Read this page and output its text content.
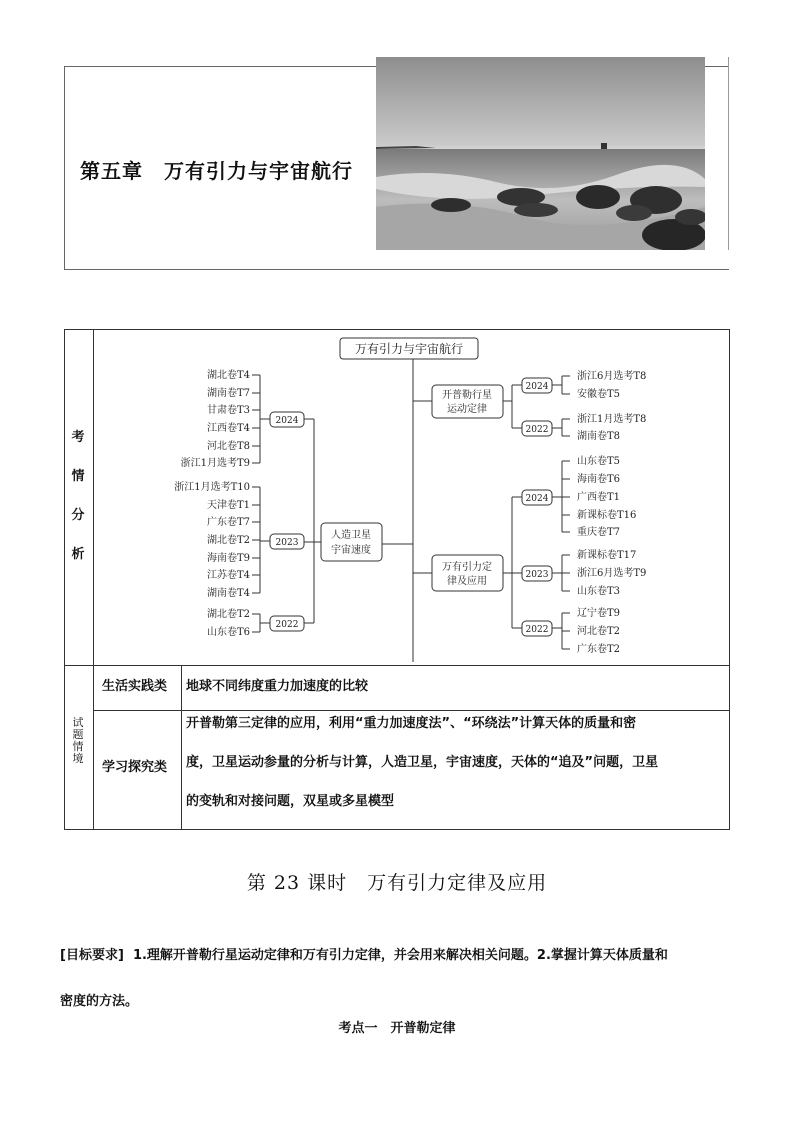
第五章　万有引力与宇宙航行
考
情
分
析
试
题
情
境
万有引力与宇宙航行
人造卫星
宇宙速度
2024
2023
2022
湖北卷T4
湖南卷T7
甘肃卷T3
江西卷T4
河北卷T8
浙江1月选考T9
浙江1月选考T10
天津卷T1
广东卷T7
湖北卷T2
海南卷T9
江苏卷T4
湖南卷T4
湖北卷T2
山东卷T6
开普勒行星
运动定律
2024
2022
浙江6月选考T8
安徽卷T5
浙江1月选考T8
湖南卷T8
万有引力定
律及应用
2024
2023
2022
山东卷T5
海南卷T6
广西卷T1
新课标卷T16
重庆卷T7
新课标卷T17
浙江6月选考T9
山东卷T3
辽宁卷T9
河北卷T2
广东卷T2
生活实践类 地球不同纬度重力加速度的比较
学习探究类
开普勒第三定律的应用，利用“重力加速度法”、“环绕法”计算天体的质量和密
度，卫星运动参量的分析与计算，人造卫星，宇宙速度，天体的“追及”问题，卫星
的变轨和对接问题，双星或多星模型
第 23 课时　万有引力定律及应用
[目标要求] 1.理解开普勒行星运动定律和万有引力定律，并会用来解决相关问题。2.掌握计算天体质量和
密度的方法。
考点一　开普勒定律
